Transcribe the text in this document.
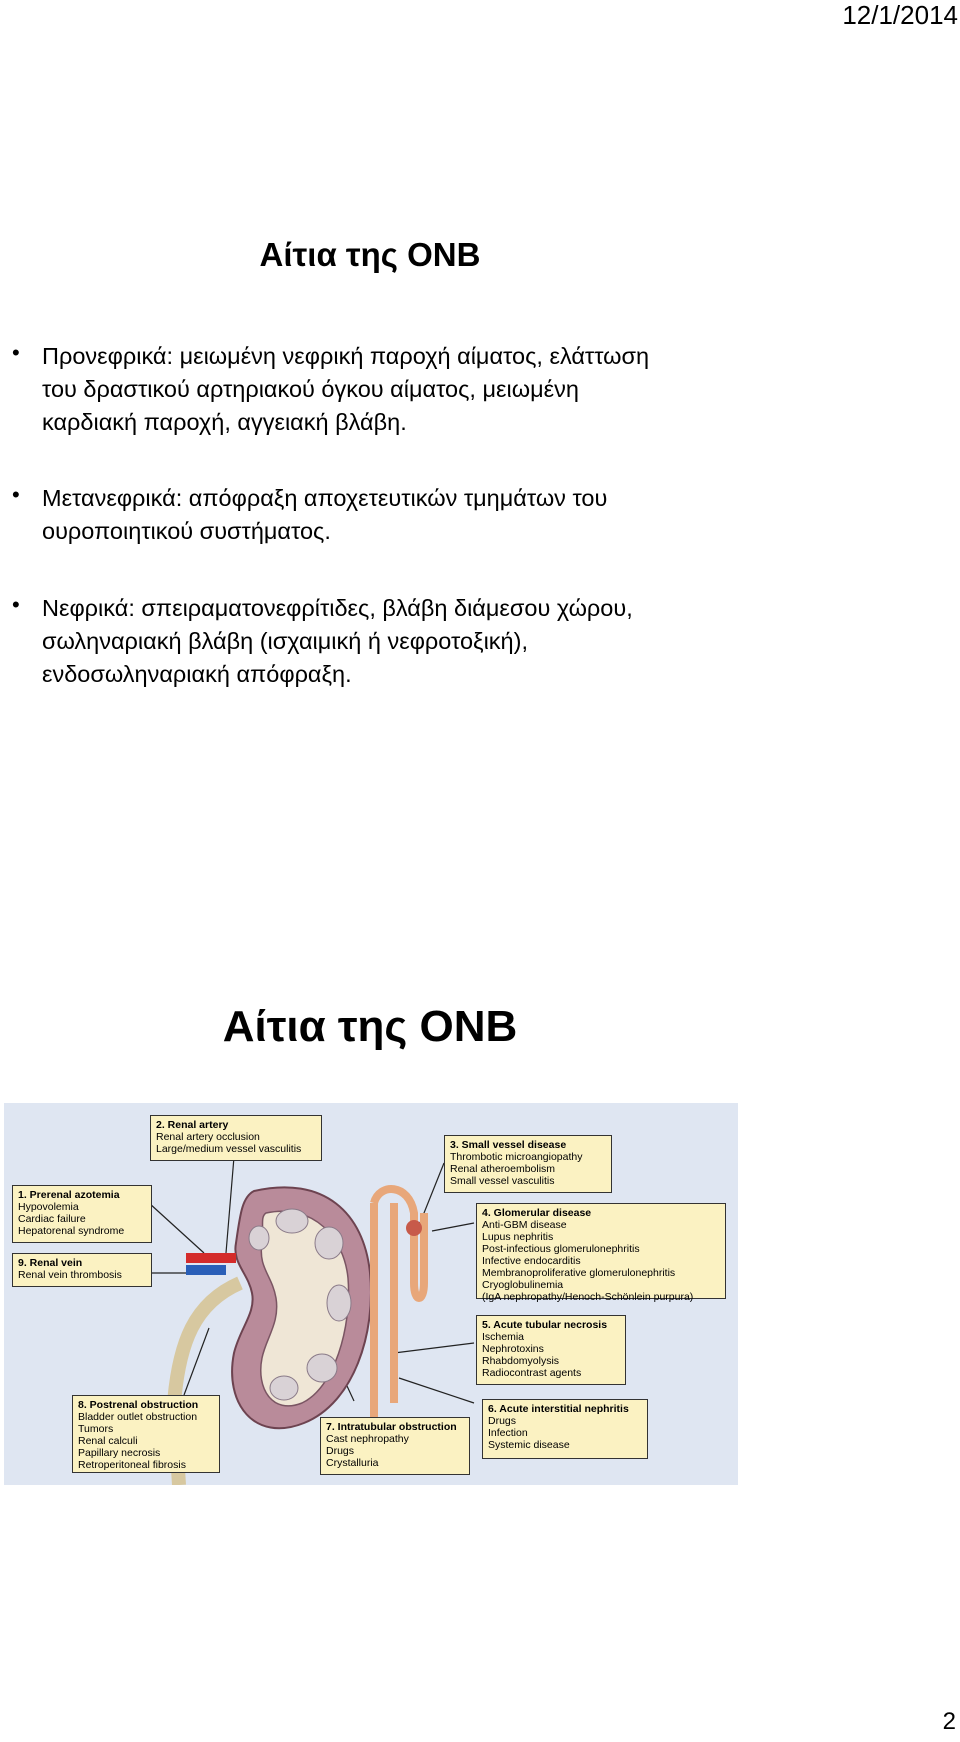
12/1/2014
Αίτια της ΟΝΒ
• Προνεφρικά: μειωμένη νεφρική παροχή αίματος, ελάττωση
του δραστικού αρτηριακού όγκου αίματος, μειωμένη
καρδιακή παροχή, αγγειακή βλάβη.
• Μετανεφρικά: απόφραξη αποχετευτικών τμημάτων του
ουροποιητικού συστήματος.
• Νεφρικά: σπειραματονεφρίτιδες, βλάβη διάμεσου χώρου,
σωληναριακή βλάβη (ισχαιμική ή νεφροτοξική),
ενδοσωληναριακή απόφραξη.
Αίτια της ΟΝΒ
2. Renal artery
Renal artery occlusion
Large/medium vessel vasculitis	3. Small vessel disease
Thrombotic microangiopathy
Renal atheroembolism
Small vessel vasculitis
1. Prerenal azotemia
Hypovolemia
Cardiac failure
Hepatorenal syndrome
4. Glomerular disease
Anti-GBM disease
Lupus nephritis
Post-infectious glomerulonephritis
Infective endocarditis
Membranoproliferative glomerulonephritis
Cryoglobulinemia
(IgA nephropathy/Henoch-Schönlein purpura)
9. Renal vein
Renal vein thrombosis
5. Acute tubular necrosis
Ischemia
Nephrotoxins
Rhabdomyolysis
Radiocontrast agents
8. Postrenal obstruction
Bladder outlet obstruction
Tumors
Renal calculi
Papillary necrosis
Retroperitoneal fibrosis
7. Intratubular obstruction
Cast nephropathy
Drugs
Crystalluria
6. Acute interstitial nephritis
Drugs
Infection
Systemic disease
2
